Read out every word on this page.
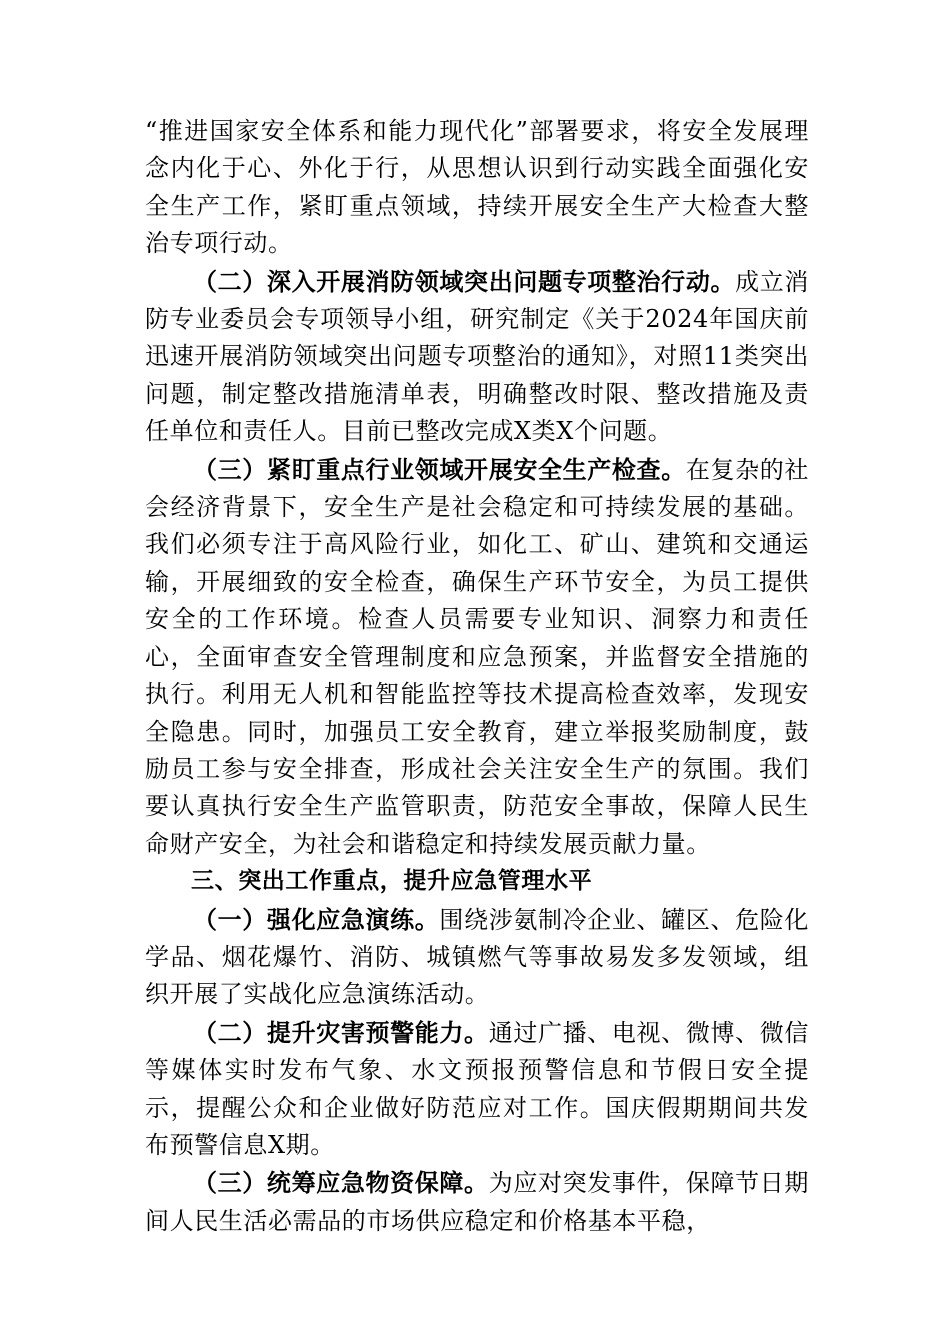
“推进国家安全体系和能力现代化”部署要求，将安全发展理念内化于心、外化于行，从思想认识到行动实践全面强化安全生产工作，紧盯重点领域，持续开展安全生产大检查大整治专项行动。

（二）深入开展消防领域突出问题专项整治行动。成立消防专业委员会专项领导小组，研究制定《关于2024年国庆前迅速开展消防领域突出问题专项整治的通知》，对照11类突出问题，制定整改措施清单表，明确整改时限、整改措施及责任单位和责任人。目前已整改完成X类X个问题。

（三）紧盯重点行业领域开展安全生产检查。在复杂的社会经济背景下，安全生产是社会稳定和可持续发展的基础。我们必须专注于高风险行业，如化工、矿山、建筑和交通运输，开展细致的安全检查，确保生产环节安全，为员工提供安全的工作环境。检查人员需要专业知识、洞察力和责任心，全面审查安全管理制度和应急预案，并监督安全措施的执行。利用无人机和智能监控等技术提高检查效率，发现安全隐患。同时，加强员工安全教育，建立举报奖励制度，鼓励员工参与安全排查，形成社会关注安全生产的氛围。我们要认真执行安全生产监管职责，防范安全事故，保障人民生命财产安全，为社会和谐稳定和持续发展贡献力量。

三、突出工作重点，提升应急管理水平

（一）强化应急演练。围绕涉氨制冷企业、罐区、危险化学品、烟花爆竹、消防、城镇燃气等事故易发多发领域，组织开展了实战化应急演练活动。

（二）提升灾害预警能力。通过广播、电视、微博、微信等媒体实时发布气象、水文预报预警信息和节假日安全提示，提醒公众和企业做好防范应对工作。国庆假期期间共发布预警信息X期。

（三）统筹应急物资保障。为应对突发事件，保障节日期间人民生活必需品的市场供应稳定和价格基本平稳，
